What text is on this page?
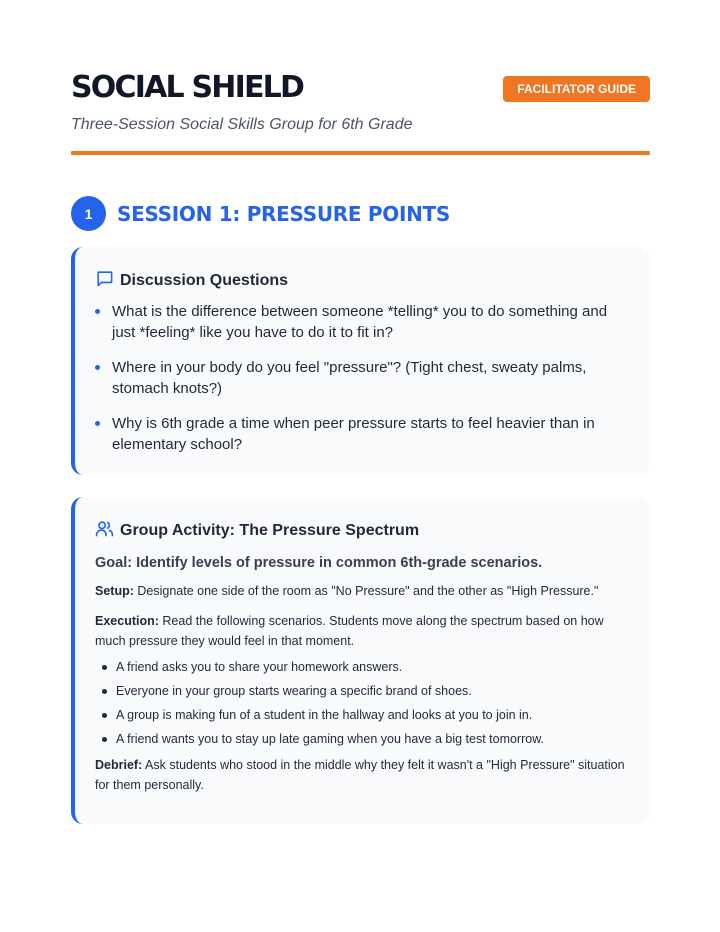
SOCIAL SHIELD	FACILITATOR GUIDE
Three-Session Social Skills Group for 6th Grade
1	SESSION 1: PRESSURE POINTS
Discussion Questions
What is the difference between someone *telling* you to do something and just *feeling* like you have to do it to fit in?
Where in your body do you feel "pressure"? (Tight chest, sweaty palms, stomach knots?)
Why is 6th grade a time when peer pressure starts to feel heavier than in elementary school?
Group Activity: The Pressure Spectrum
Goal: Identify levels of pressure in common 6th-grade scenarios.
Setup: Designate one side of the room as "No Pressure" and the other as "High Pressure."
Execution: Read the following scenarios. Students move along the spectrum based on how much pressure they would feel in that moment.
A friend asks you to share your homework answers.
Everyone in your group starts wearing a specific brand of shoes.
A group is making fun of a student in the hallway and looks at you to join in.
A friend wants you to stay up late gaming when you have a big test tomorrow.
Debrief: Ask students who stood in the middle why they felt it wasn't a "High Pressure" situation for them personally.
